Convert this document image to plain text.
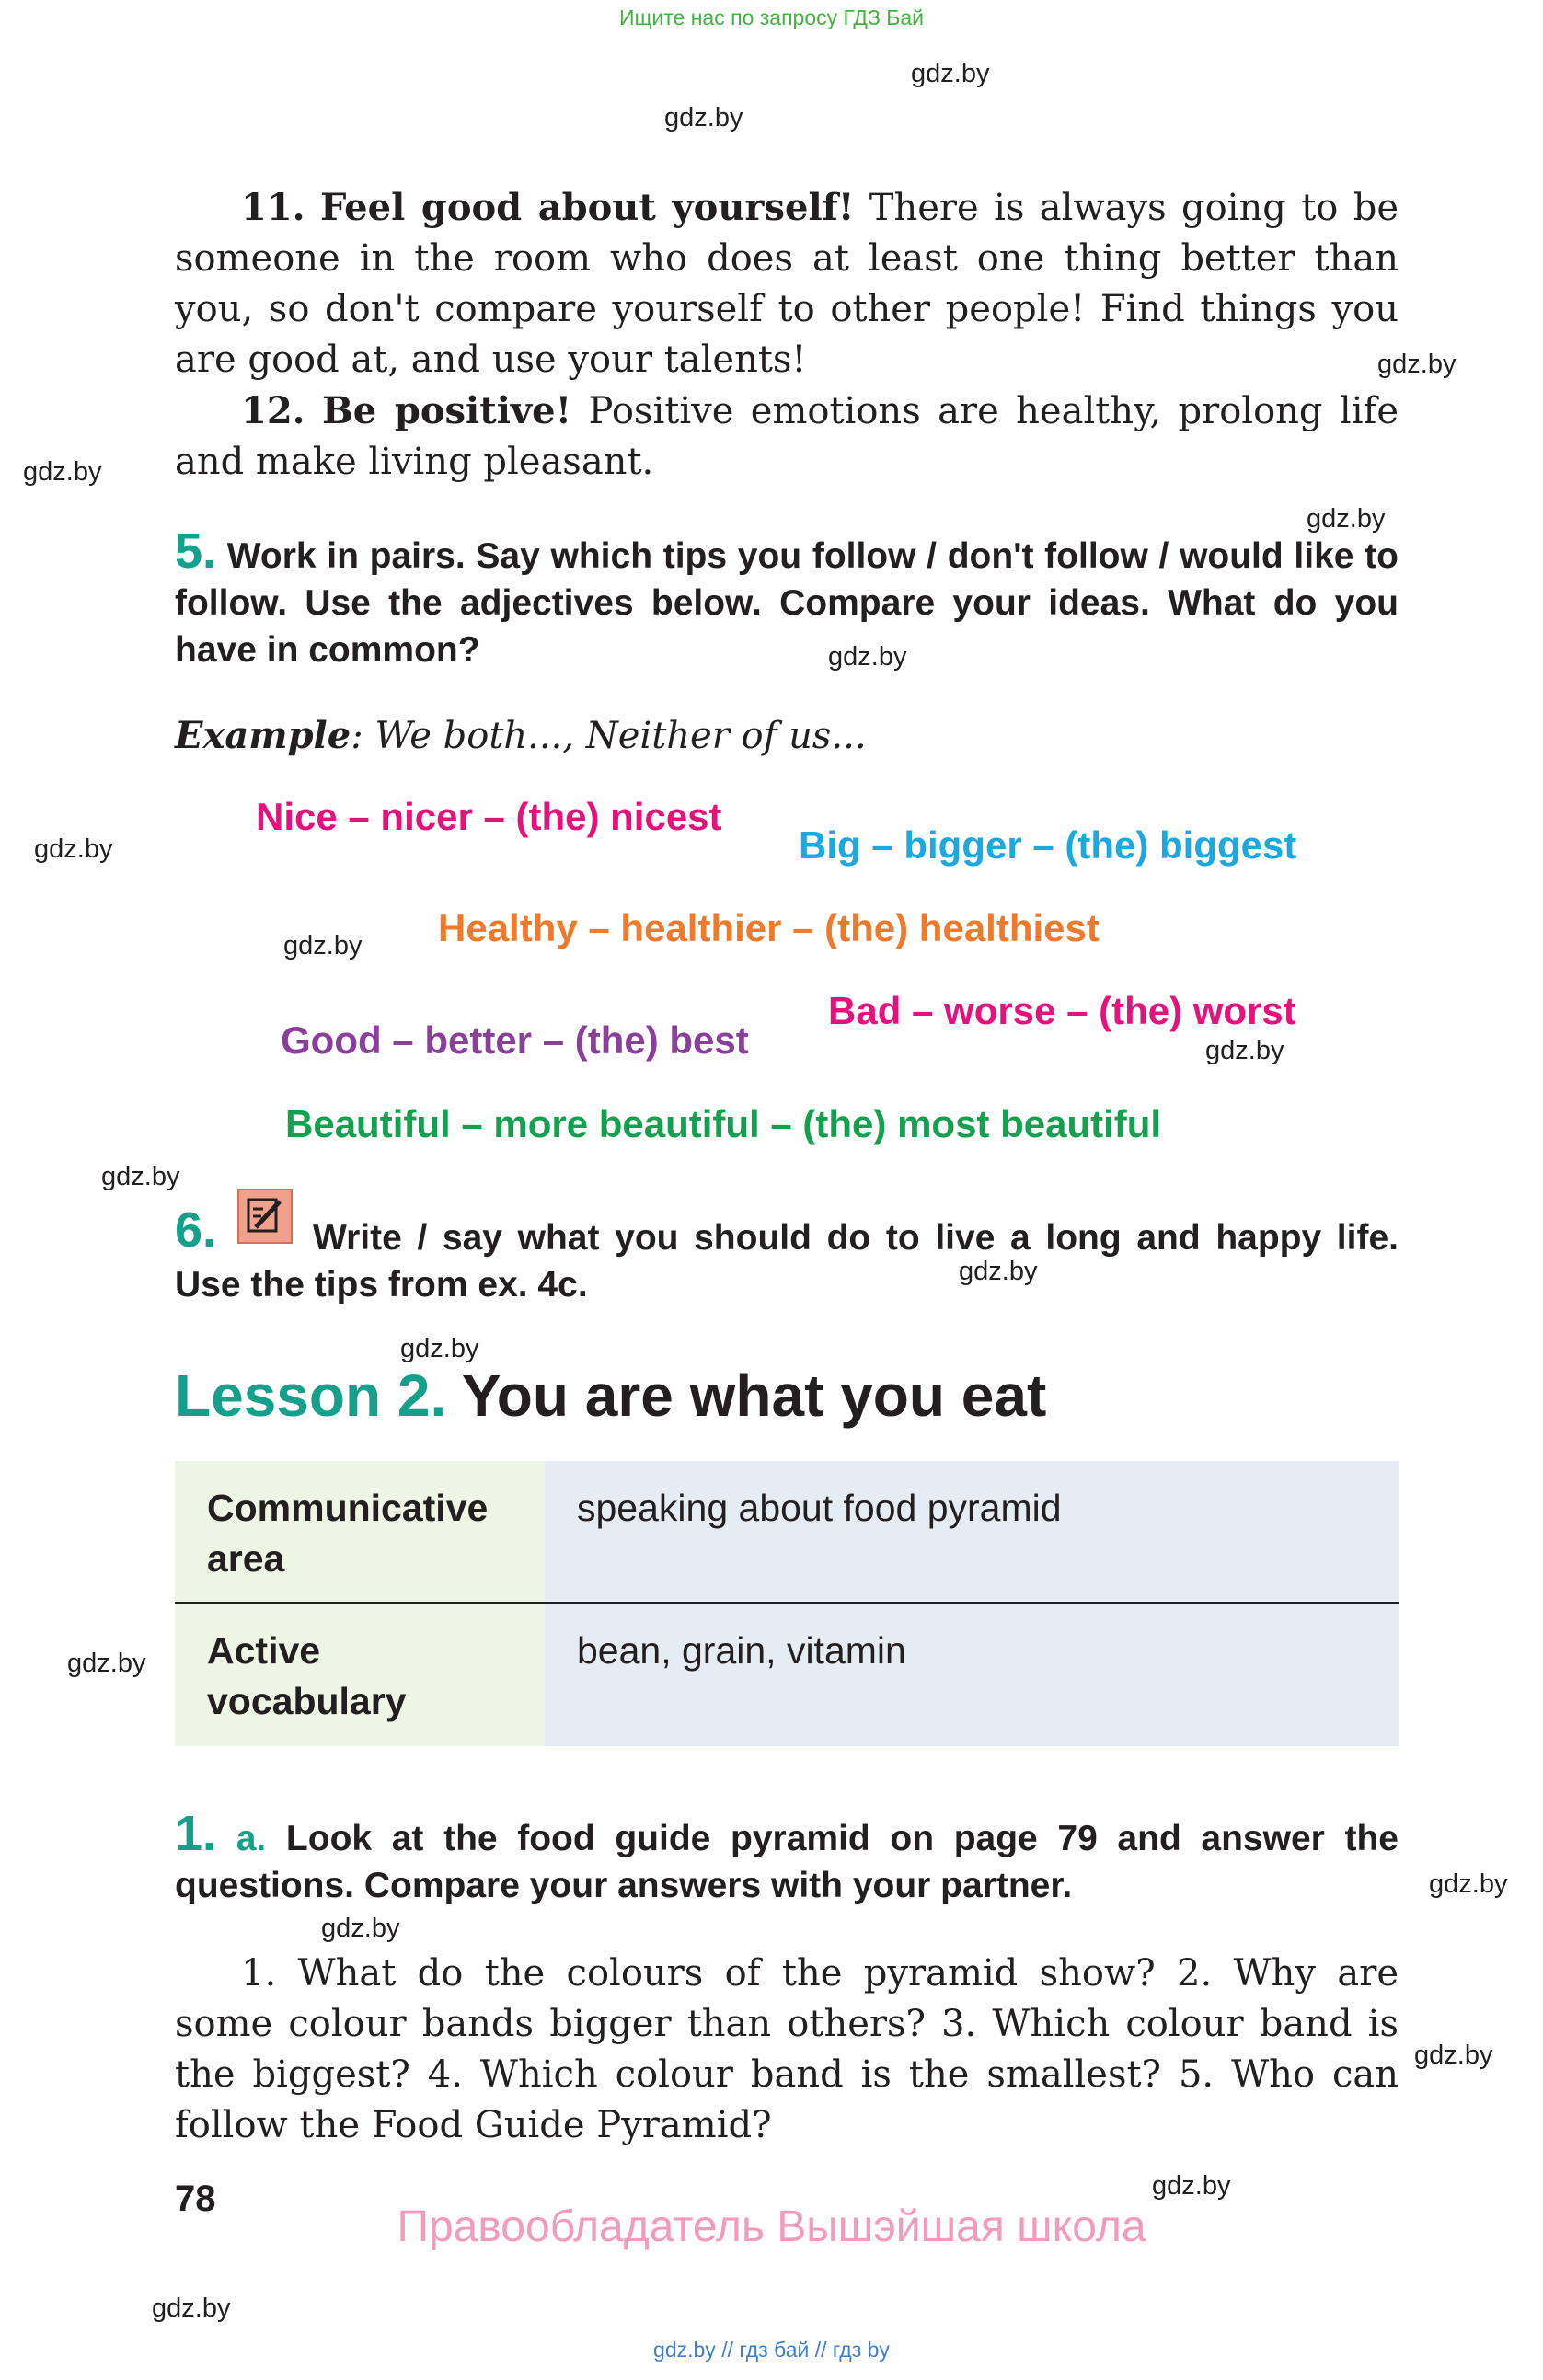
Ищите нас по запросу ГДЗ Бай
gdz.by
gdz.by
gdz.by
gdz.by
gdz.by
gdz.by
gdz.by
gdz.by
gdz.by
gdz.by
gdz.by
gdz.by
gdz.by
gdz.by
gdz.by
gdz.by
gdz.by
gdz.by

11. Feel good about yourself! There is always going to be someone in the room who does at least one thing better than you, so don't compare yourself to other people! Find things you are good at, and use your talents!

12. Be positive! Positive emotions are healthy, prolong life and make living pleasant.

5. Work in pairs. Say which tips you follow / don't follow / would like to follow. Use the adjectives below. Compare your ideas. What do you have in common?
Example: We both..., Neither of us...
Nice – nicer – (the) nicest
Big – bigger – (the) biggest
Healthy – healthier – (the) healthiest
Bad – worse – (the) worst
Good – better – (the) best
Beautiful – more beautiful – (the) most beautiful
6.	Write / say what you should do to live a long and happy life. Use the tips from ex. 4c.
Lesson 2. You are what you eat
Communicative area
speaking about food pyramid
Active vocabulary
bean, grain, vitamin
1. a. Look at the food guide pyramid on page 79 and answer the questions. Compare your answers with your partner.

1. What do the colours of the pyramid show? 2. Why are some colour bands bigger than others? 3. Which colour band is the biggest? 4. Which colour band is the smallest? 5. Who can follow the Food Guide Pyramid?

78
Правообладатель Вышэйшая школа
gdz.by // гдз бай // гдз by
